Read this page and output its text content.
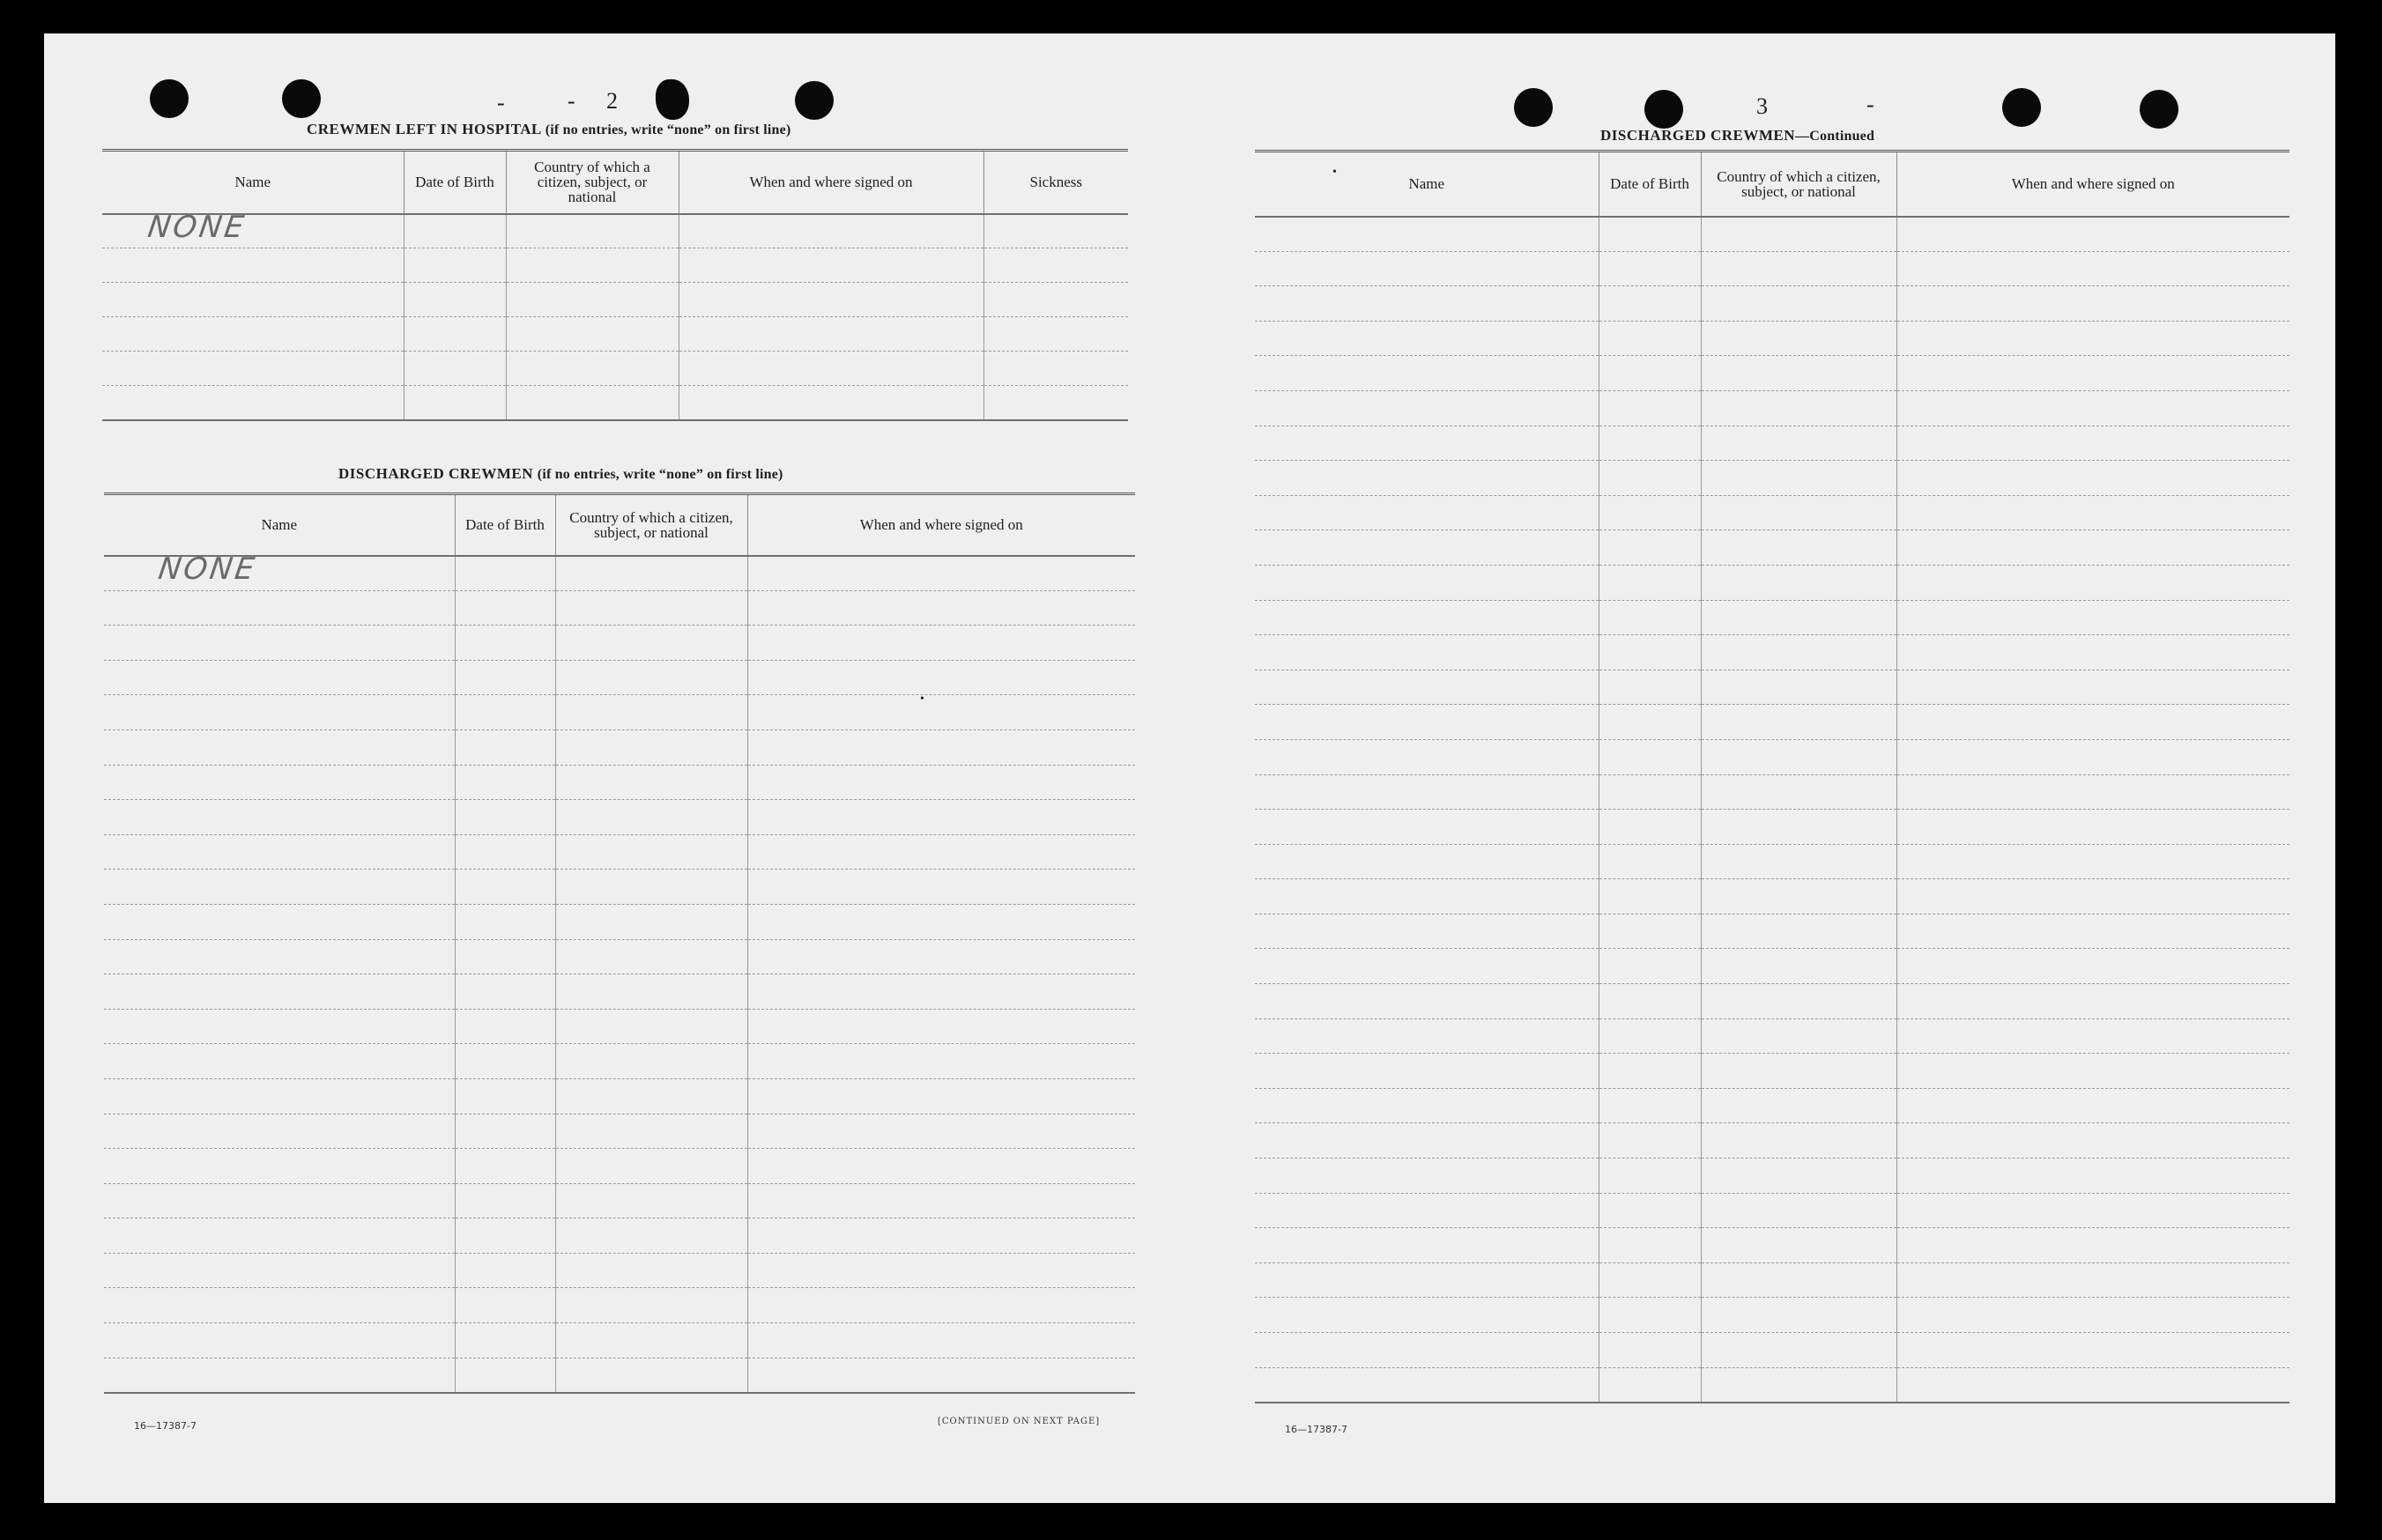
-	- 2
CREWMEN LEFT IN HOSPITAL (if no entries, write “none” on first line)
Name	Date of Birth	Country of which a citizen, subject, or national	When and where signed on	Sickness

NONE				

DISCHARGED CREWMEN (if no entries, write “none” on first line)
Name	Date of Birth	Country of which a citizen, subject, or national	When and where signed on

NONE			

16—17387-7	[CONTINUED ON NEXT PAGE]
3	-
DISCHARGED CREWMEN—Continued
Name	Date of Birth	Country of which a citizen, subject, or national	When and where signed on

16—17387-7
•
•
